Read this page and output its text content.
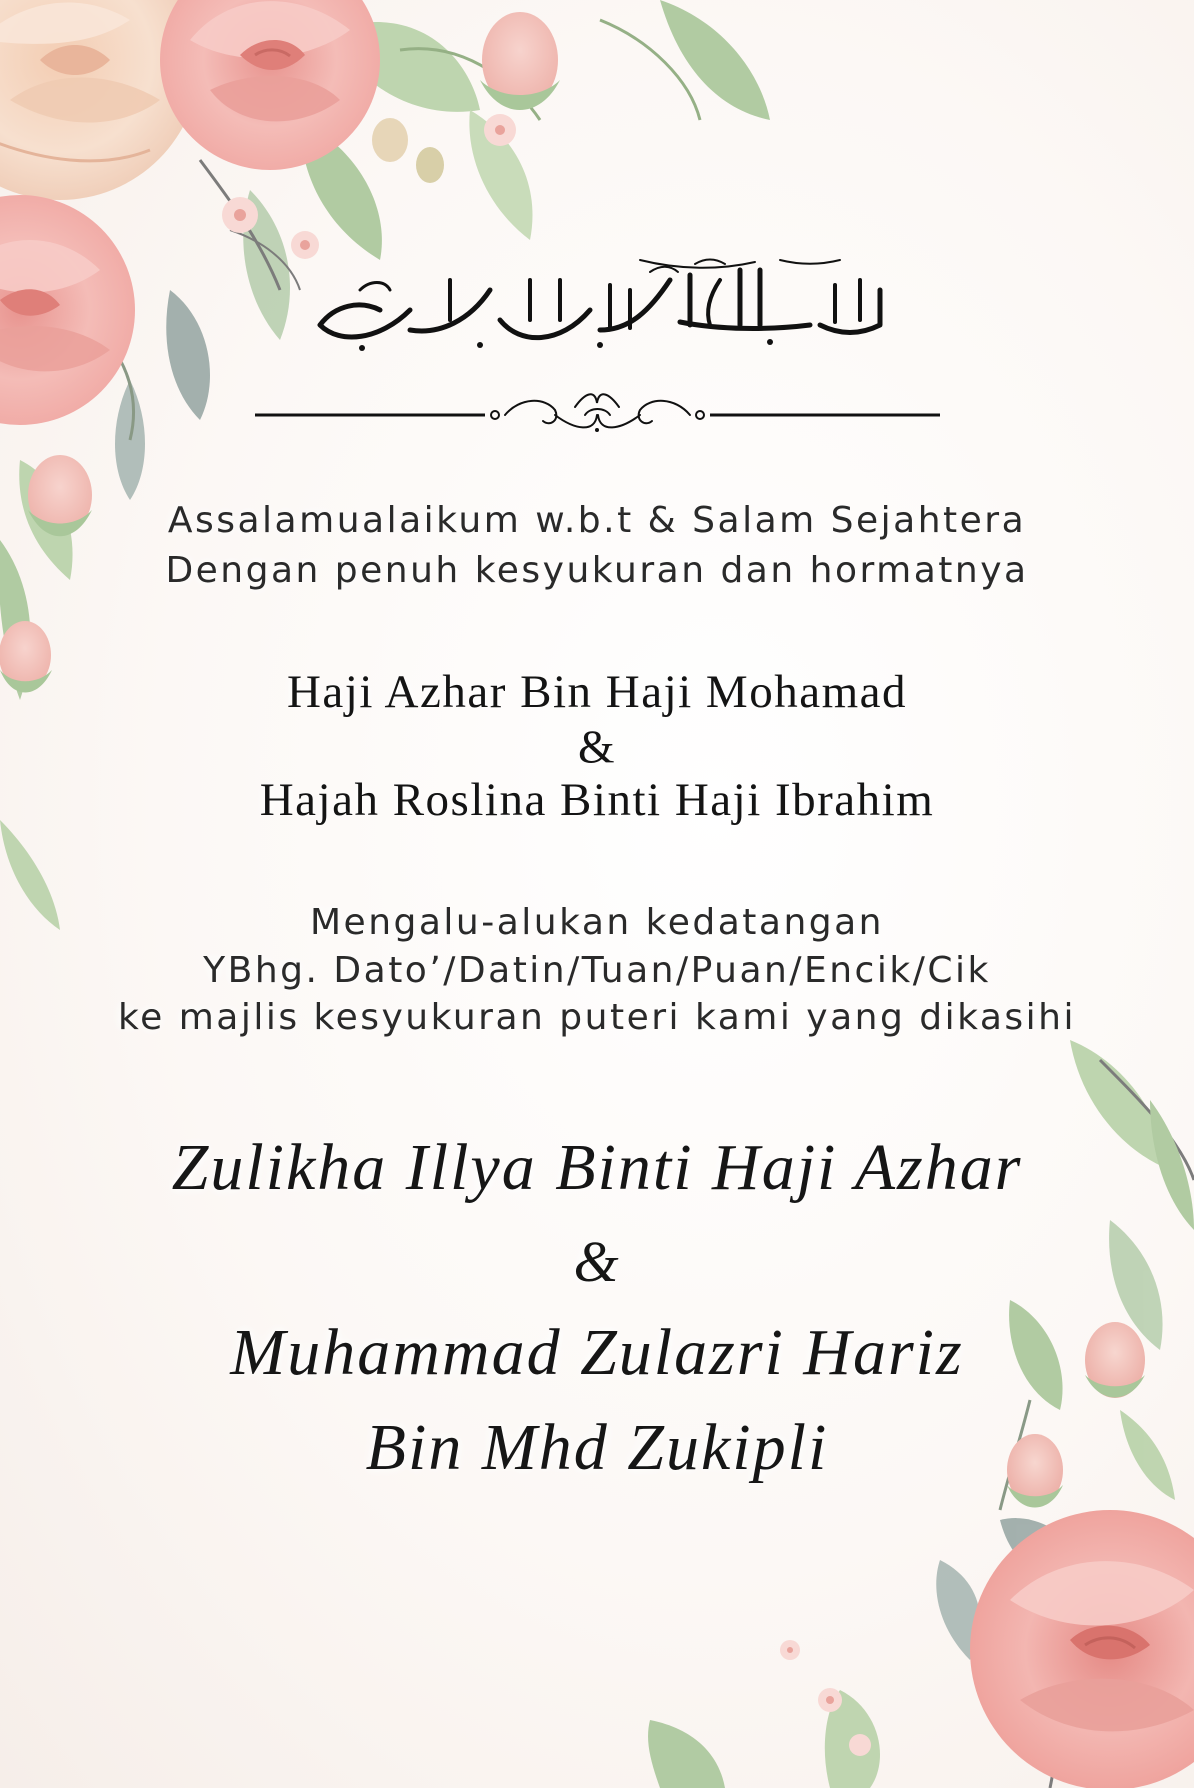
Assalamualaikum w.b.t & Salam Sejahtera
Dengan penuh kesyukuran dan hormatnya
Haji Azhar Bin Haji Mohamad
&
Hajah Roslina Binti Haji Ibrahim
Mengalu-alukan kedatangan
YBhg. Dato’/Datin/Tuan/Puan/Encik/Cik
ke majlis kesyukuran puteri kami yang dikasihi
Zulikha Illya Binti Haji Azhar
&
Muhammad Zulazri Hariz
Bin Mhd Zukipli
